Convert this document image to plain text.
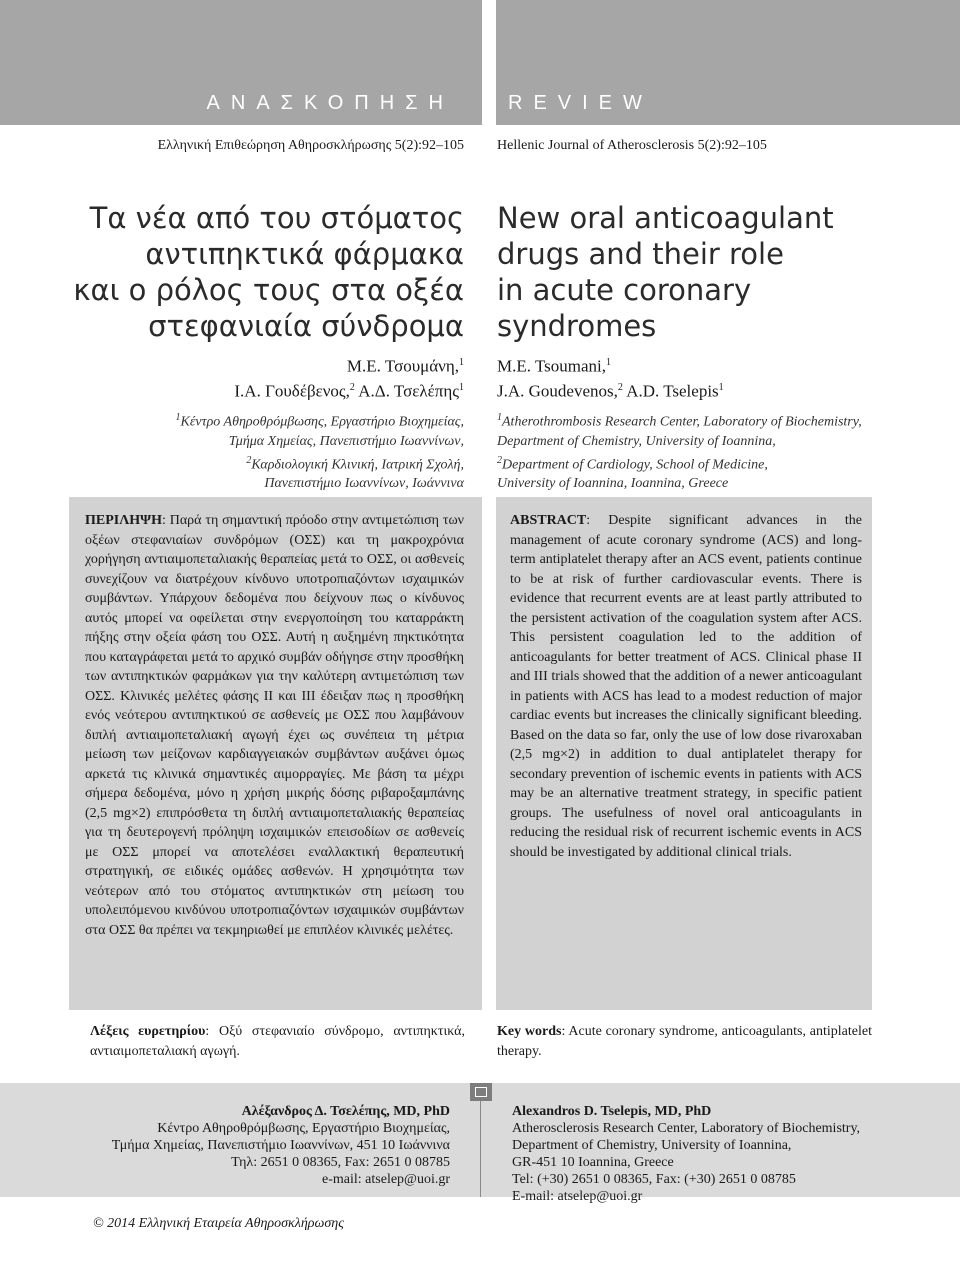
ΑΝΑΣΚΟΠΗΣΗ	REVIEW
Ελληνική Επιθεώρηση Αθηροσκλήρωσης 5(2):92–105 Hellenic Journal of Atherosclerosis 5(2):92–105
Τα νέα από του στόματος
αντιπηκτικά φάρμακα
και ο ρόλος τους στα οξέα
στεφανιαία σύνδρομα
New oral anticoagulant
drugs and their role
in acute coronary
syndromes
Μ.Ε. Τσουμάνη,$^1$
Ι.Α. Γουδέβενος,$^2$ Α.Δ. Τσελέπης$^1$
M.E. Tsoumani,$^1$
J.A. Goudevenos,$^2$ A.D. Tselepis$^1$
$^1$Κέντρο Αθηροθρόμβωσης, Εργαστήριο Βιοχημείας,
Τμήμα Χημείας, Πανεπιστήμιο Ιωαννίνων,
$^2$Καρδιολογική Κλινική, Ιατρική Σχολή,
Πανεπιστήμιο Ιωαννίνων, Ιωάννινα
$^1$Atherothrombosis Research Center, Laboratory of Biochemistry,
Department of Chemistry, University of Ioannina,
$^2$Department of Cardiology, School of Medicine,
University of Ioannina, Ioannina, Greece
ΠΕΡΙΛΗΨΗ: Παρά τη σημαντική πρόοδο στην αντιμετώπιση των οξέων στεφανιαίων συνδρόμων (ΟΣΣ) και τη μακροχρόνια χορήγηση αντιαιμοπεταλιακής θεραπείας μετά το ΟΣΣ, οι ασθενείς συνεχίζουν να διατρέχουν κίνδυνο υποτροπιαζόντων ισχαιμικών συμβάντων. Υπάρχουν δεδομένα που δείχνουν πως ο κίνδυνος αυτός μπορεί να οφείλεται στην ενεργοποίηση του καταρράκτη πήξης στην οξεία φάση του ΟΣΣ. Αυτή η αυξημένη πηκτικότητα που καταγράφεται μετά το αρχικό συμβάν οδήγησε στην προσθήκη των αντιπηκτικών φαρμάκων για την καλύτερη αντιμετώπιση των ΟΣΣ. Κλινικές μελέτες φάσης ΙΙ και ΙΙΙ έδειξαν πως η προσθήκη ενός νεότερου αντιπηκτικού σε ασθενείς με ΟΣΣ που λαμβάνουν διπλή αντιαιμοπεταλιακή αγωγή έχει ως συνέπεια τη μέτρια μείωση των μείζονων καρδιαγγειακών συμβάντων αυξάνει όμως αρκετά τις κλινικά σημαντικές αιμορραγίες. Με βάση τα μέχρι σήμερα δεδομένα, μόνο η χρήση μικρής δόσης ριβαροξαμπάνης (2,5 mg×2) επιπρόσθετα τη διπλή αντιαιμοπεταλιακής θεραπείας για τη δευτερογενή πρόληψη ισχαιμικών επεισοδίων σε ασθενείς με ΟΣΣ μπορεί να αποτελέσει εναλλακτική θεραπευτική στρατηγική, σε ειδικές ομάδες ασθενών. Η χρησιμότητα των νεότερων από του στόματος αντιπηκτικών στη μείωση του υπολειπόμενου κινδύνου υποτροπιαζόντων ισχαιμικών συμβάντων στα ΟΣΣ θα πρέπει να τεκμηριωθεί με επιπλέον κλινικές μελέτες.
ABSTRACT: Despite significant advances in the management of acute coronary syndrome (ACS) and long-term antiplatelet therapy after an ACS event, patients continue to be at risk of further cardiovascular events. There is evidence that recurrent events are at least partly attributed to the persistent activation of the coagulation system after ACS. This persistent coagulation led to the addition of anticoagulants for better treatment of ACS. Clinical phase II and III trials showed that the addition of a newer anticoagulant in patients with ACS has lead to a modest reduction of major cardiac events but increases the clinically significant bleeding. Based on the data so far, only the use of low dose rivaroxaban (2,5 mg×2) in addition to dual antiplatelet therapy for secondary prevention of ischemic events in patients with ACS may be an alternative treatment strategy, in specific patient groups. The usefulness of novel oral anticoagulants in reducing the residual risk of recurrent ischemic events in ACS should be investigated by additional clinical trials.
Λέξεις ευρετηρίου: Οξύ στεφανιαίο σύνδρομο, αντιπηκτικά, αντιαιμοπεταλιακή αγωγή.
Key words: Acute coronary syndrome, anticoagulants, antiplatelet therapy.
Αλέξανδρος Δ. Τσελέπης, MD, PhD
Κέντρο Αθηροθρόμβωσης, Εργαστήριο Βιοχημείας,
Τμήμα Χημείας, Πανεπιστήμιο Ιωαννίνων, 451 10 Ιωάννινα
Τηλ: 2651 0 08365, Fax: 2651 0 08785
e-mail: atselep@uoi.gr
Alexandros D. Tselepis, MD, PhD
Atherosclerosis Research Center, Laboratory of Biochemistry,
Department of Chemistry, University of Ioannina,
GR-451 10 Ioannina, Greece
Tel: (+30) 2651 0 08365, Fax: (+30) 2651 0 08785
E-mail: atselep@uoi.gr
© 2014 Ελληνική Εταιρεία Αθηροσκλήρωσης
